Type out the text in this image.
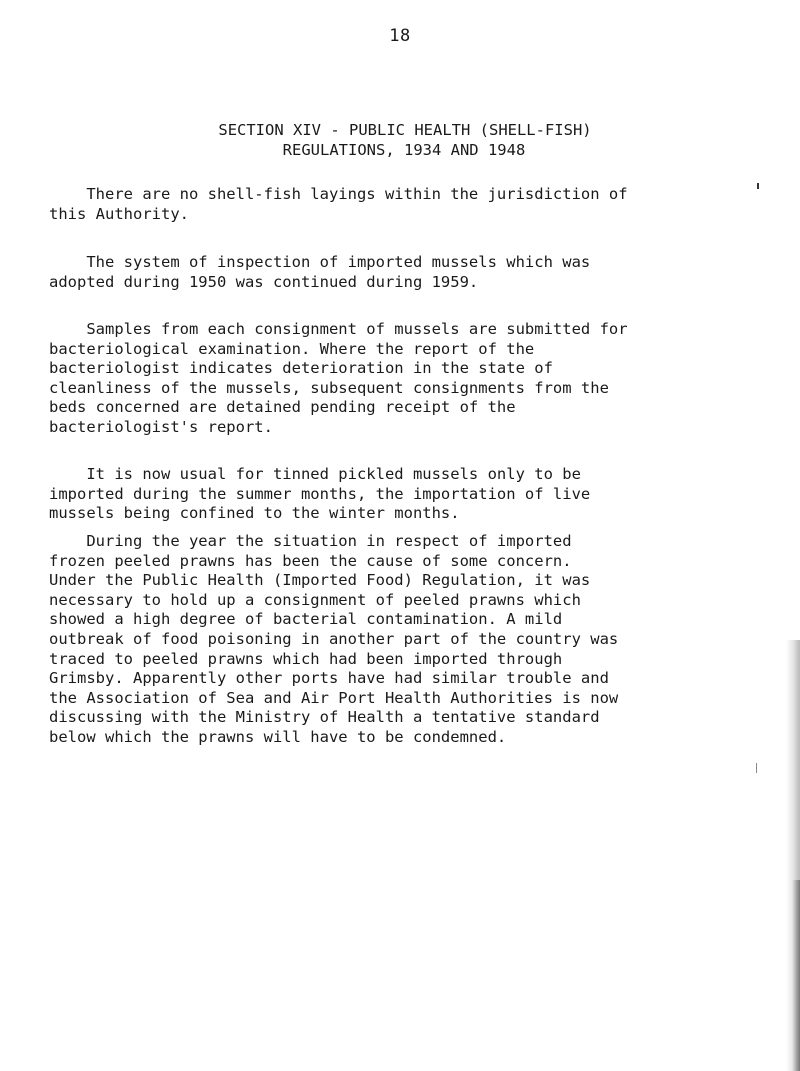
18
SECTION XIV - PUBLIC HEALTH (SHELL-FISH)
REGULATIONS, 1934 AND 1948
There are no shell-fish layings within the jurisdiction of
this Authority.
The system of inspection of imported mussels which was
adopted during 1950 was continued during 1959.
Samples from each consignment of mussels are submitted for
bacteriological examination. Where the report of the
bacteriologist indicates deterioration in the state of
cleanliness of the mussels, subsequent consignments from the
beds concerned are detained pending receipt of the
bacteriologist's report.
It is now usual for tinned pickled mussels only to be
imported during the summer months, the importation of live
mussels being confined to the winter months.
During the year the situation in respect of imported
frozen peeled prawns has been the cause of some concern.
Under the Public Health (Imported Food) Regulation, it was
necessary to hold up a consignment of peeled prawns which
showed a high degree of bacterial contamination. A mild
outbreak of food poisoning in another part of the country was
traced to peeled prawns which had been imported through
Grimsby. Apparently other ports have had similar trouble and
the Association of Sea and Air Port Health Authorities is now
discussing with the Ministry of Health a tentative standard
below which the prawns will have to be condemned.
